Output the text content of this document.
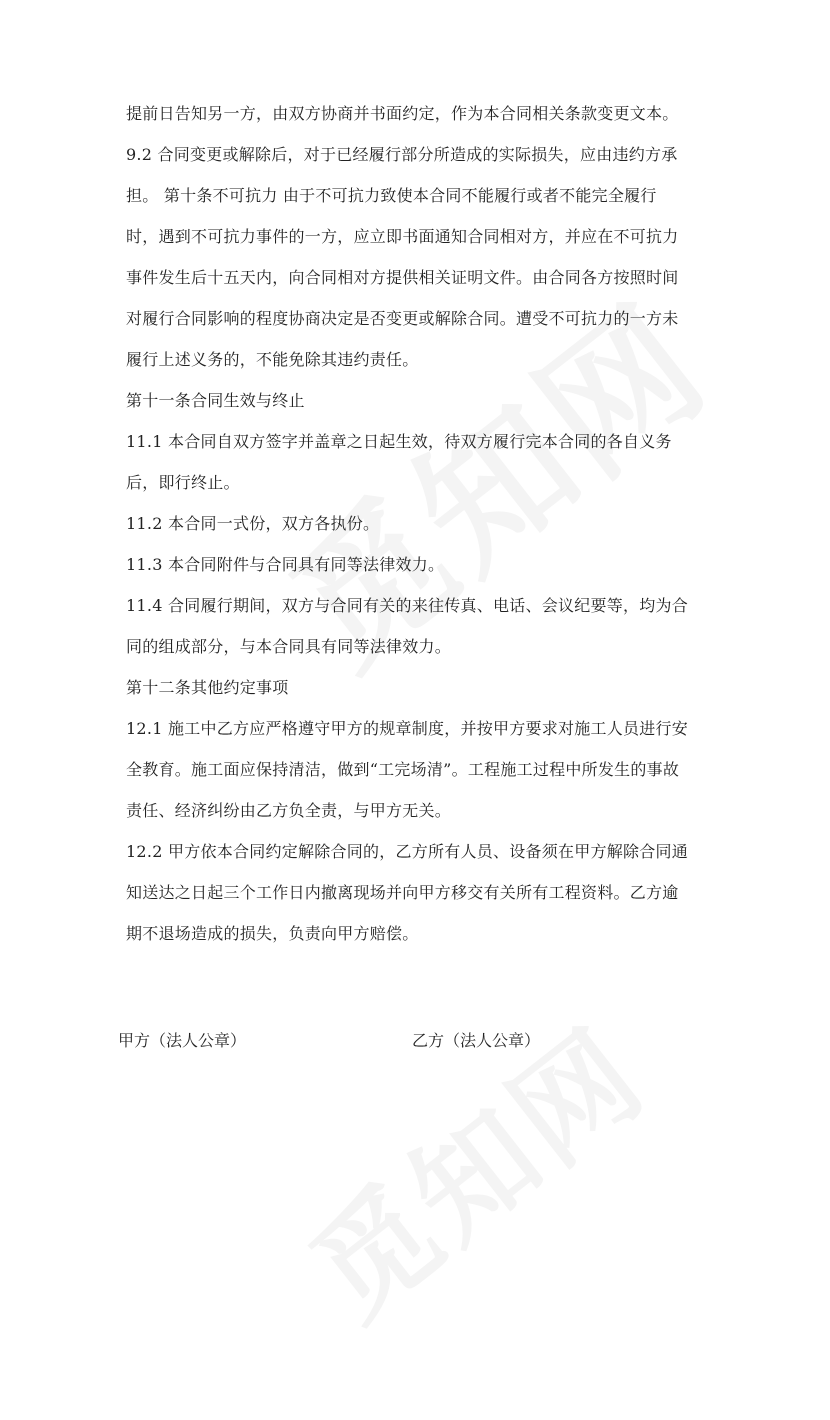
提前日告知另一方，由双方协商并书面约定，作为本合同相关条款变更文本。
9.2 合同变更或解除后，对于已经履行部分所造成的实际损失，应由违约方承
担。 第十条不可抗力 由于不可抗力致使本合同不能履行或者不能完全履行
时，遇到不可抗力事件的一方，应立即书面通知合同相对方，并应在不可抗力
事件发生后十五天内，向合同相对方提供相关证明文件。由合同各方按照时间
对履行合同影响的程度协商决定是否变更或解除合同。遭受不可抗力的一方未
履行上述义务的，不能免除其违约责任。
第十一条合同生效与终止
11.1 本合同自双方签字并盖章之日起生效，待双方履行完本合同的各自义务
后，即行终止。
11.2 本合同一式份，双方各执份。
11.3 本合同附件与合同具有同等法律效力。
11.4 合同履行期间，双方与合同有关的来往传真、电话、会议纪要等，均为合
同的组成部分，与本合同具有同等法律效力。
第十二条其他约定事项
12.1 施工中乙方应严格遵守甲方的规章制度，并按甲方要求对施工人员进行安
全教育。施工面应保持清洁，做到“工完场清”。工程施工过程中所发生的事故
责任、经济纠纷由乙方负全责，与甲方无关。
12.2 甲方依本合同约定解除合同的，乙方所有人员、设备须在甲方解除合同通
知送达之日起三个工作日内撤离现场并向甲方移交有关所有工程资料。乙方逾
期不退场造成的损失，负责向甲方赔偿。
甲方（法人公章）	乙方（法人公章）
